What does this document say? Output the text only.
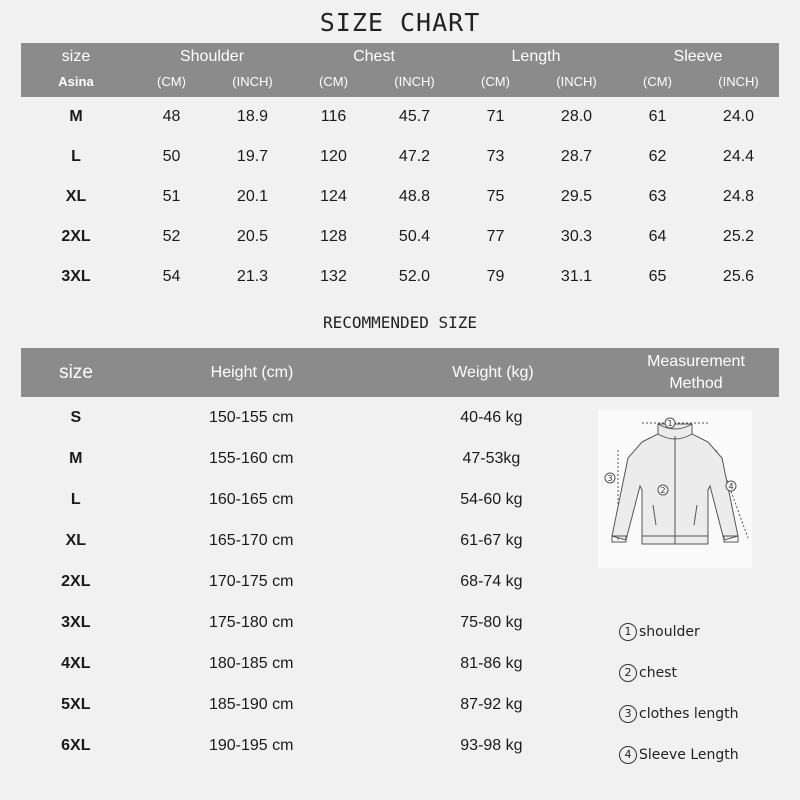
SIZE CHART
size	Shoulder	Chest	Length	Sleeve
Asina	(CM)	(INCH)	(CM)	(INCH)	(CM)	(INCH)	(CM)	(INCH)
M	48	18.9	116	45.7	71	28.0	61	24.0
L	50	19.7	120	47.2	73	28.7	62	24.4
XL	51	20.1	124	48.8	75	29.5	63	24.8
2XL	52	20.5	128	50.4	77	30.3	64	25.2
3XL	54	21.3	132	52.0	79	31.1	65	25.6
RECOMMENDED SIZE
size	Height (cm)	Weight (kg)
Measurement
Method
S	150-155 cm	40-46 kg
M	155-160 cm	47-53kg
L	160-165 cm	54-60 kg
XL	165-170 cm	61-67 kg
2XL	170-175 cm	68-74 kg
3XL	175-180 cm	75-80 kg
4XL	180-185 cm	81-86 kg
5XL	185-190 cm	87-92 kg
6XL	190-195 cm	93-98 kg
1
2
3
4
1 shoulder
2 chest
3 clothes length
4 Sleeve Length
